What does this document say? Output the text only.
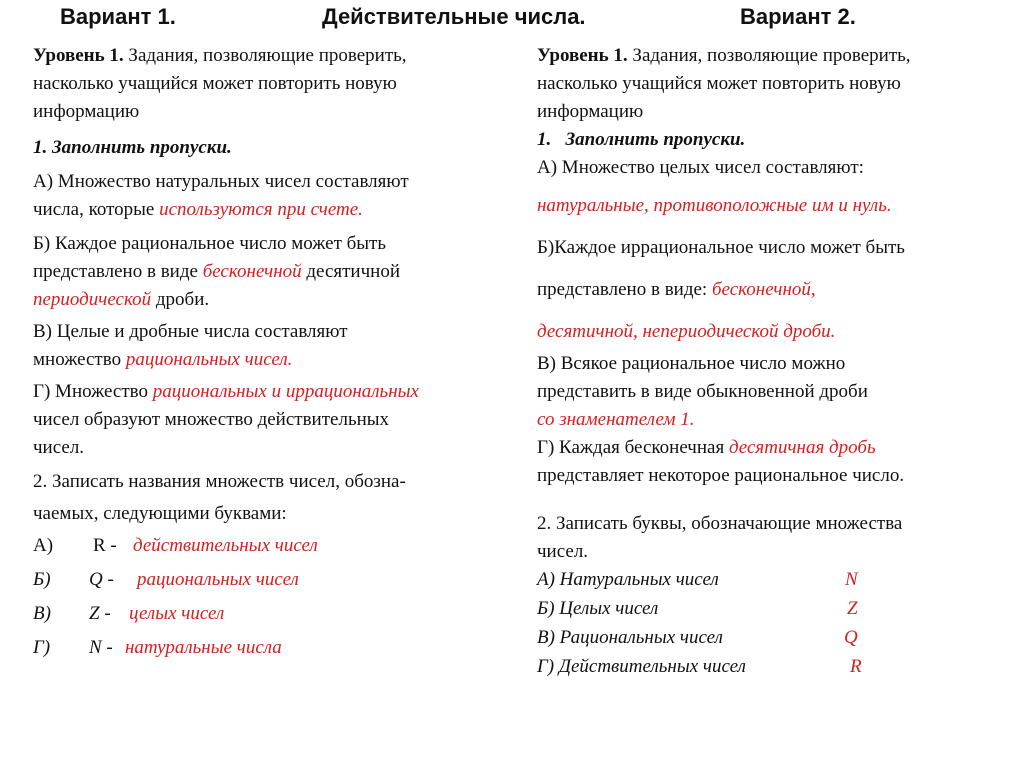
Вариант 1.	Действительные числа.	Вариант 2.
Уровень 1. Задания, позволяющие проверить,
насколько учащийся может повторить новую
информацию
1. Заполнить пропуски.
А) Множество натуральных чисел составляют
числа, которые используются при счете.
Б) Каждое рациональное число может быть
представлено в виде бесконечной десятичной
периодической дроби.
В) Целые и дробные числа составляют
множество рациональных чисел.
Г) Множество рациональных и иррациональных
чисел образуют множество действительных
чисел.
2. Записать названия множеств чисел, обозна-
чаемых, следующими буквами:
А) R - действительных чисел
Б) Q - рациональных чисел
В) Z - целых чисел
Г) N - натуральные числа
Уровень 1. Задания, позволяющие проверить,
насколько учащийся может повторить новую
информацию
1. Заполнить пропуски.
А) Множество целых чисел составляют:
натуральные, противоположные им и нуль.
Б)Каждое иррациональное число может быть
представлено в виде: бесконечной,
десятичной, непериодической дроби.
В) Всякое рациональное число можно
представить в виде обыкновенной дроби
со знаменателем 1.
Г) Каждая бесконечная десятичная дробь
представляет некоторое рациональное число.
2. Записать буквы, обозначающие множества
чисел.
А) Натуральных чисел	N
Б) Целых чисел	Z
В) Рациональных чисел	Q
Г) Действительных чисел	R
